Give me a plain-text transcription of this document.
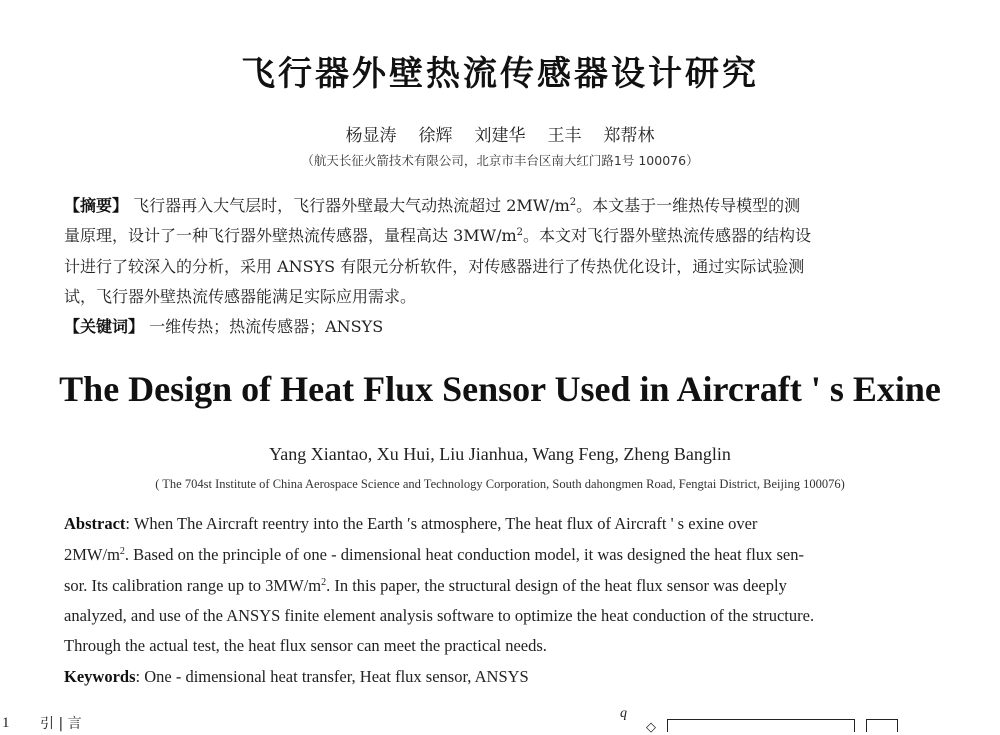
飞行器外壁热流传感器设计研究
杨显涛 徐辉 刘建华 王丰 郑帮林
（航天长征火箭技术有限公司，北京市丰台区南大红门路1号 100076）
【摘要】 飞行器再入大气层时，飞行器外壁最大气动热流超过 $2MW/m^2$。本文基于一维热传导模型的测
量原理，设计了一种飞行器外壁热流传感器，量程高达 $3MW/m^2$。本文对飞行器外壁热流传感器的结构设
计进行了较深入的分析，采用 ANSYS 有限元分析软件，对传感器进行了传热优化设计，通过实际试验测
试，飞行器外壁热流传感器能满足实际应用需求。
【关键词】 一维传热；热流传感器；ANSYS
The Design of Heat Flux Sensor Used in Aircraft ' s Exine
Yang Xiantao, Xu Hui, Liu Jianhua, Wang Feng, Zheng Banglin
( The 704st Institute of China Aerospace Science and Technology Corporation, South dahongmen Road, Fengtai District, Beijing 100076)
Abstract: When The Aircraft reentry into the Earth ′s atmosphere, The heat flux of Aircraft ' s exine over
$2MW/m^2$. Based on the principle of one - dimensional heat conduction model, it was designed the heat flux sen-
sor. Its calibration range up to $3MW/m^2$. In this paper, the structural design of the heat flux sensor was deeply
analyzed, and use of the ANSYS finite element analysis software to optimize the heat conduction of the structure.
Through the actual test, the heat flux sensor can meet the practical needs.
Keywords: One - dimensional heat transfer, Heat flux sensor, ANSYS
1 引 | 言
q
◇
